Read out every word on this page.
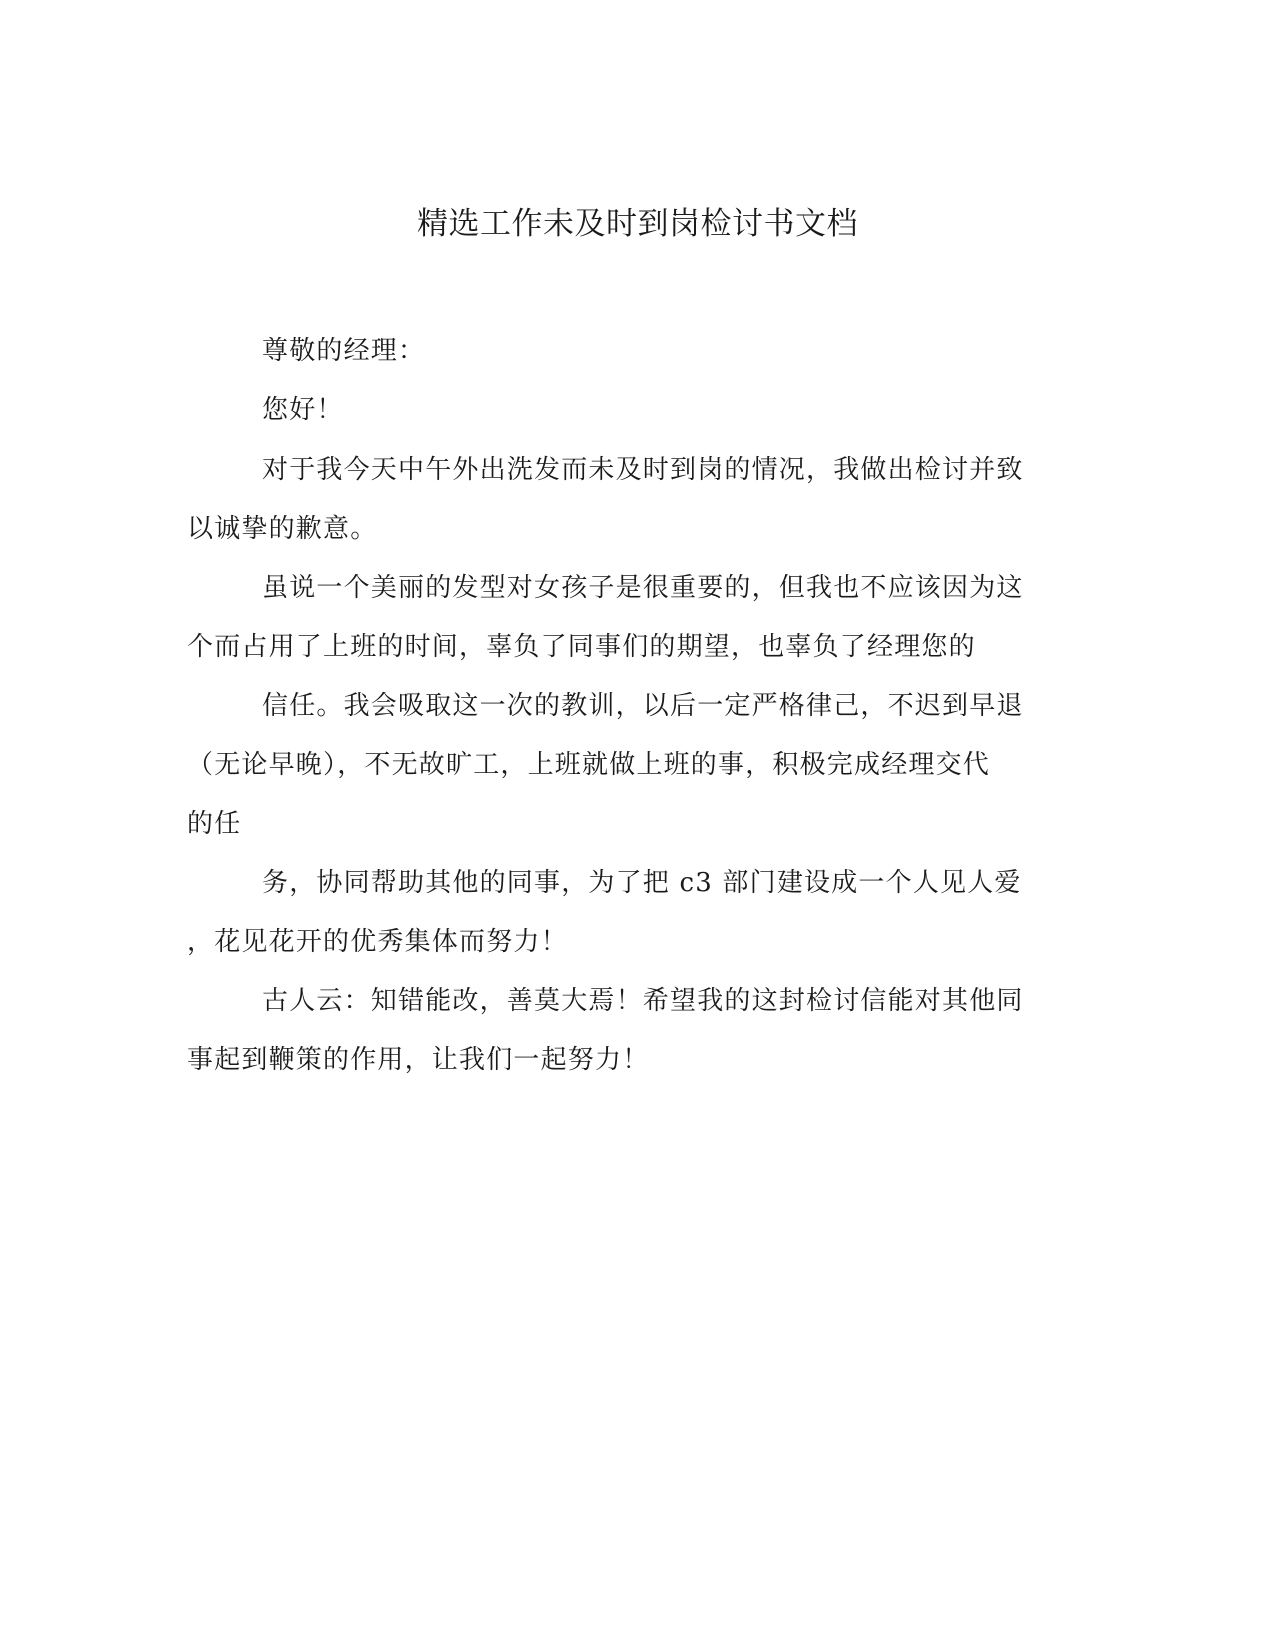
精选工作未及时到岗检讨书文档
尊敬的经理：
您好！
对于我今天中午外出洗发而未及时到岗的情况，我做出检讨并致
以诚挚的歉意。
虽说一个美丽的发型对女孩子是很重要的，但我也不应该因为这
个而占用了上班的时间，辜负了同事们的期望，也辜负了经理您的
信任。我会吸取这一次的教训，以后一定严格律己，不迟到早退
（无论早晚），不无故旷工，上班就做上班的事，积极完成经理交代
的任
务，协同帮助其他的同事，为了把 c3 部门建设成一个人见人爱
，花见花开的优秀集体而努力！
古人云：知错能改，善莫大焉！希望我的这封检讨信能对其他同
事起到鞭策的作用，让我们一起努力！
